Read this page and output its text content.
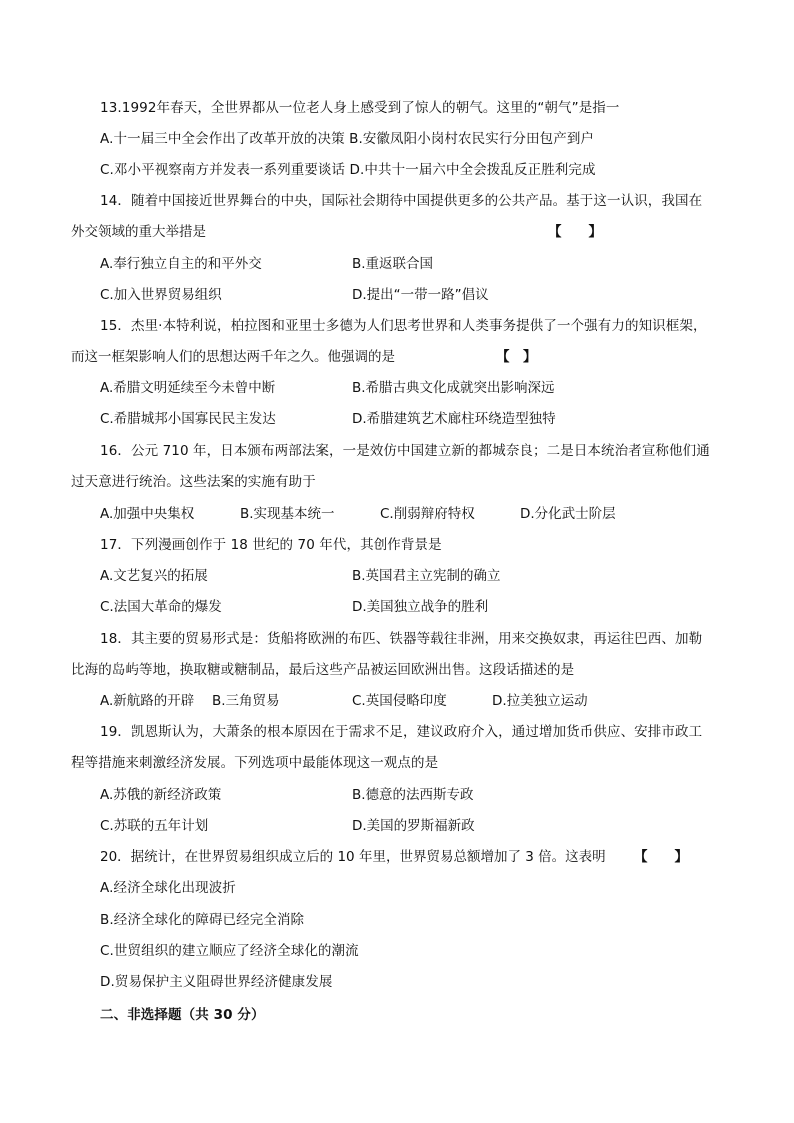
13.1992年春天，全世界都从一位老人身上感受到了惊人的朝气。这里的“朝气”是指一
A.十一届三中全会作出了改革开放的决策 B.安徽凤阳小岗村农民实行分田包产到户
C.邓小平视察南方并发表一系列重要谈话 D.中共十一届六中全会拨乱反正胜利完成
14．随着中国接近世界舞台的中央，国际社会期待中国提供更多的公共产品。基于这一认识，我国在
外交领域的重大举措是	【　　】
A.奉行独立自主的和平外交	B.重返联合国
C.加入世界贸易组织	D.提出“一带一路”倡议
15．杰里·本特利说，柏拉图和亚里士多德为人们思考世界和人类事务提供了一个强有力的知识框架，
而这一框架影响人们的思想达两千年之久。他强调的是	【　】
A.希腊文明延续至今未曾中断	B.希腊古典文化成就突出影响深远
C.希腊城邦小国寡民民主发达	D.希腊建筑艺术廊柱环绕造型独特
16．公元 710 年，日本颁布两部法案，一是效仿中国建立新的都城奈良；二是日本统治者宣称他们通
过天意进行统治。这些法案的实施有助于
A.加强中央集权	B.实现基本统一	C.削弱辩府特权	D.分化武士阶层
17．下列漫画创作于 18 世纪的 70 年代，其创作背景是
A.文艺复兴的拓展	B.英国君主立宪制的确立
C.法国大革命的爆发	D.美国独立战争的胜利
18．其主要的贸易形式是：货船将欧洲的布匹、铁器等载往非洲，用来交换奴隶，再运往巴西、加勒
比海的岛屿等地，换取糖或糖制品，最后这些产品被运回欧洲出售。这段话描述的是
A.新航路的开辟 B.三角贸易	C.英国侵略印度	D.拉美独立运动
19．凯恩斯认为，大萧条的根本原因在于需求不足，建议政府介入，通过增加货币供应、安排市政工
程等措施来刺激经济发展。下列选项中最能体现这一观点的是
A.苏俄的新经济政策	B.德意的法西斯专政
C.苏联的五年计划	D.美国的罗斯福新政
20．据统计，在世界贸易组织成立后的 10 年里，世界贸易总额增加了 3 倍。这表明 【　　】
A.经济全球化出现波折
B.经济全球化的障碍已经完全消除
C.世贸组织的建立顺应了经济全球化的潮流
D.贸易保护主义阻碍世界经济健康发展
二、非选择题（共 30 分）
